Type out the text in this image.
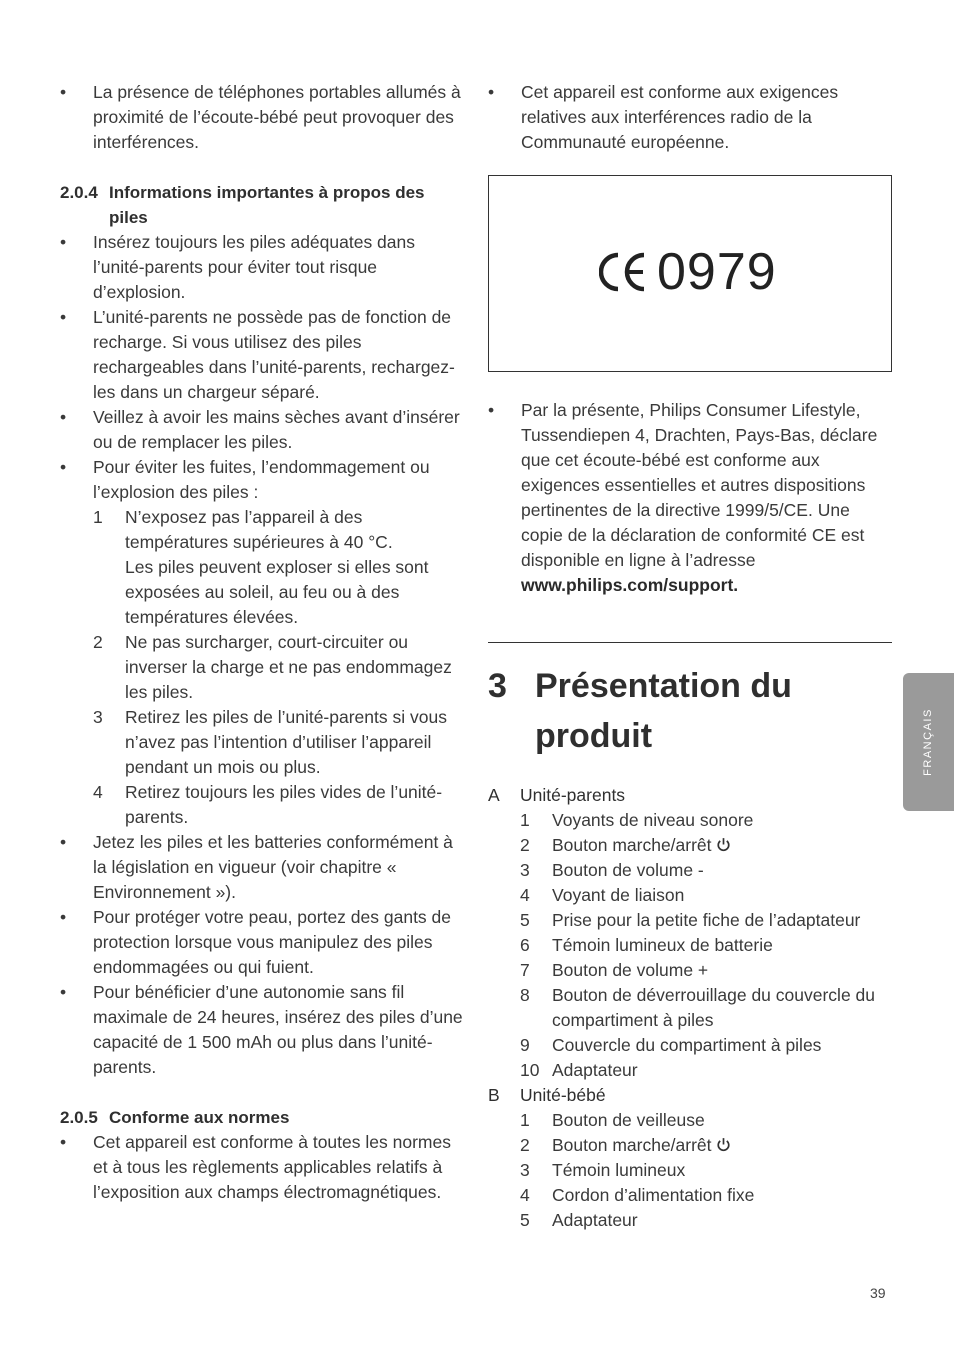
•	La présence de téléphones portables allumés à proximité de l’écoute-bébé peut provoquer des interférences.
2.0.4 Informations importantes à propos des
piles
•	Insérez toujours les piles adéquates dans l’unité-parents pour éviter tout risque d’explosion.
•	L’unité-parents ne possède pas de fonction de recharge. Si vous utilisez des piles rechargeables dans l’unité-parents, rechargez-les dans un chargeur séparé.
•	Veillez à avoir les mains sèches avant d’insérer ou de remplacer les piles.
•	Pour éviter les fuites, l’endommagement ou l’explosion des piles :
1 N’exposez pas l’appareil à des températures supérieures à 40 °C.
Les piles peuvent exploser si elles sont exposées au soleil, au feu ou à des températures élevées.
2 Ne pas surcharger, court-circuiter ou inverser la charge et ne pas endommagez les piles.
3 Retirez les piles de l’unité-parents si vous n’avez pas l’intention d’utiliser l’appareil pendant un mois ou plus.
4 Retirez toujours les piles vides de l’unité-parents.
•	Jetez les piles et les batteries conformément à la législation en vigueur (voir chapitre « Environnement »).
•	Pour protéger votre peau, portez des gants de protection lorsque vous manipulez des piles endommagées ou qui fuient.
•	Pour bénéficier d’une autonomie sans fil maximale de 24 heures, insérez des piles d’une capacité de 1 500 mAh ou plus dans l’unité-parents.
2.0.5 Conforme aux normes
•	Cet appareil est conforme à toutes les normes et à tous les règlements applicables relatifs à l’exposition aux champs électromagnétiques.
•	Cet appareil est conforme aux exigences relatives aux interférences radio de la Communauté européenne.
0979
•	Par la présente, Philips Consumer Lifestyle, Tussendiepen 4, Drachten, Pays-Bas, déclare que cet écoute-bébé est conforme aux exigences essentielles et autres dispositions pertinentes de la directive 1999/5/CE. Une copie de la déclaration de conformité CE est disponible en ligne à l’adresse www.philips.com/support.
3 Présentation du
produit
A Unité-parents
1 Voyants de niveau sonore
2 Bouton marche/arrêt
3 Bouton de volume -
4 Voyant de liaison
5 Prise pour la petite fiche de l’adaptateur
6 Témoin lumineux de batterie
7 Bouton de volume +
8 Bouton de déverrouillage du couvercle du compartiment à piles
9 Couvercle du compartiment à piles
10 Adaptateur
B Unité-bébé
1 Bouton de veilleuse
2 Bouton marche/arrêt
3 Témoin lumineux
4 Cordon d’alimentation fixe
5 Adaptateur
FRANÇAIS
39
